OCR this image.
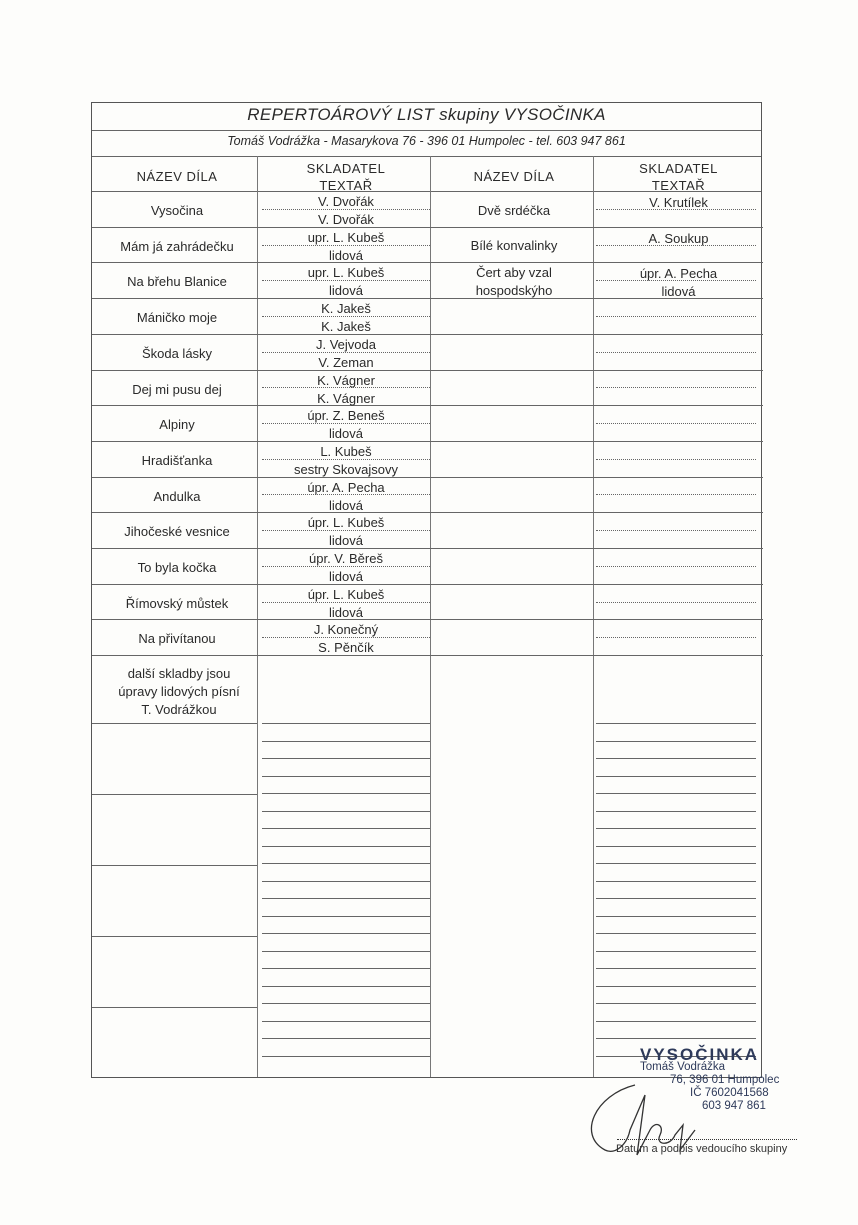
REPERTOÁROVÝ LIST skupiny VYSOČINKA
Tomáš Vodrážka - Masarykova 76 - 396 01 Humpolec - tel. 603 947 861
NÁZEV DÍLA
SKLADATEL
TEXTAŘ
NÁZEV DÍLA
SKLADATEL
TEXTAŘ
Vysočina
V. Dvořák
V. Dvořák
Mám já zahrádečku
upr. L. Kubeš
lidová
Na břehu Blanice
upr. L. Kubeš
lidová
Máničko moje
K. Jakeš
K. Jakeš
Škoda lásky
J. Vejvoda
V. Zeman
Dej mi pusu dej
K. Vágner
K. Vágner
Alpiny
úpr. Z. Beneš
lidová
Hradišťanka
L. Kubeš
sestry Skovajsovy
Andulka
úpr. A. Pecha
lidová
Jihočeské vesnice
úpr. L. Kubeš
lidová
To byla kočka
úpr. V. Běreš
lidová
Římovský můstek
úpr. L. Kubeš
lidová
Na přivítanou
J. Konečný
S. Pěnčík
Dvě srdéčka
V. Krutílek
Bílé konvalinky	A. Soukup
Čert aby vzal
hospodskýho
úpr. A. Pecha
lidová
další skladby jsou
úpravy lidových písní
T. Vodrážkou
VYSOČINKA
Tomáš Vodrážka
76, 396 01 Humpolec
IČ 7602041568
603 947 861
Datum a podpis vedoucího skupiny
